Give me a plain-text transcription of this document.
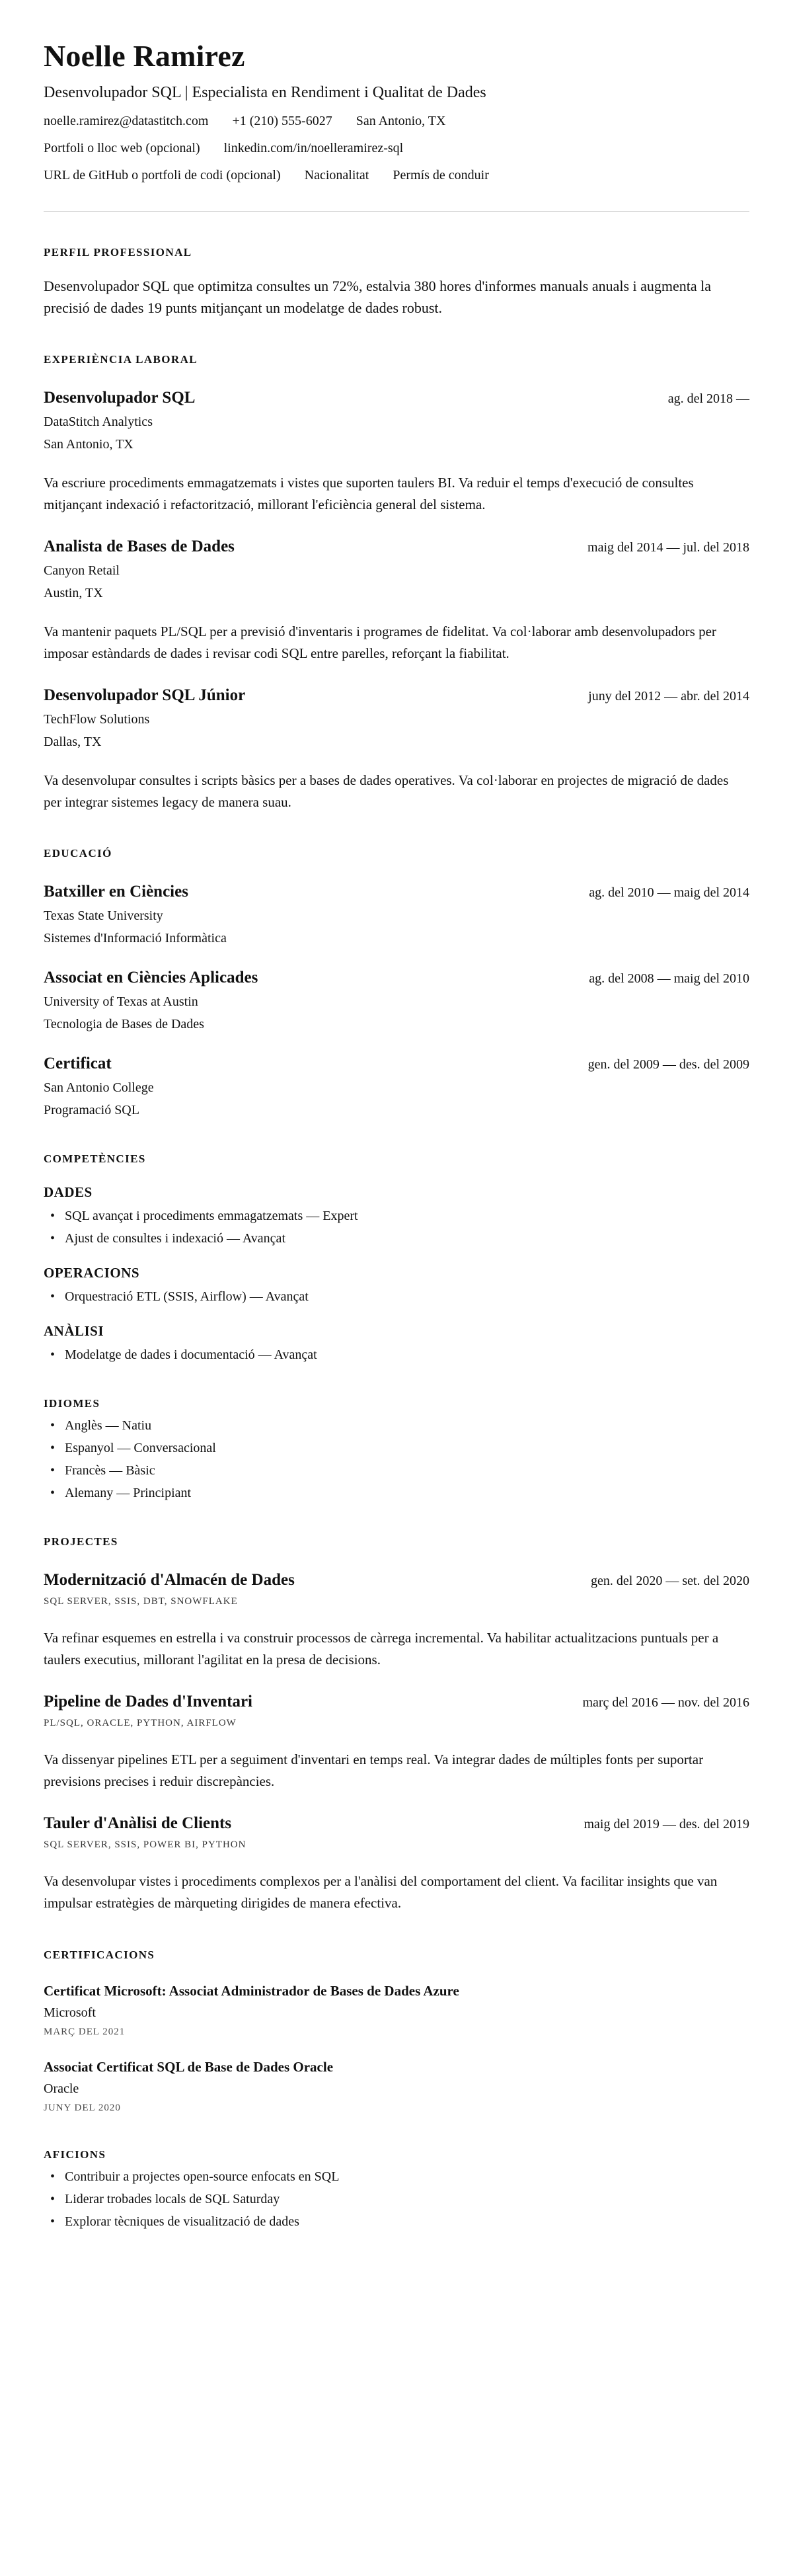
Noelle Ramirez
Desenvolupador SQL | Especialista en Rendiment i Qualitat de Dades
noelle.ramirez@datastitch.com +1 (210) 555-6027 San Antonio, TX
Portfoli o lloc web (opcional) linkedin.com/in/noelleramirez-sql
URL de GitHub o portfoli de codi (opcional) Nacionalitat Permís de conduir
PERFIL PROFESSIONAL

Desenvolupador SQL que optimitza consultes un 72%, estalvia 380 hores d'informes manuals anuals i augmenta la precisió de dades 19 punts mitjançant un modelatge de dades robust.

EXPERIÈNCIA LABORAL
Desenvolupador SQL	ag. del 2018 —
DataStitch Analytics
San Antonio, TX

Va escriure procediments emmagatzemats i vistes que suporten taulers BI. Va reduir el temps d'execució de consultes mitjançant indexació i refactorització, millorant l'eficiència general del sistema.

Analista de Bases de Dades	maig del 2014 — jul. del 2018
Canyon Retail
Austin, TX

Va mantenir paquets PL/SQL per a previsió d'inventaris i programes de fidelitat. Va col·laborar amb desenvolupadors per imposar estàndards de dades i revisar codi SQL entre parelles, reforçant la fiabilitat.

Desenvolupador SQL Júnior	juny del 2012 — abr. del 2014
TechFlow Solutions
Dallas, TX

Va desenvolupar consultes i scripts bàsics per a bases de dades operatives. Va col·laborar en projectes de migració de dades per integrar sistemes legacy de manera suau.

EDUCACIÓ
Batxiller en Ciències	ag. del 2010 — maig del 2014
Texas State University
Sistemes d'Informació Informàtica
Associat en Ciències Aplicades	ag. del 2008 — maig del 2010
University of Texas at Austin
Tecnologia de Bases de Dades
Certificat	gen. del 2009 — des. del 2009
San Antonio College
Programació SQL
COMPETÈNCIES
DADES
• SQL avançat i procediments emmagatzemats — Expert
• Ajust de consultes i indexació — Avançat
OPERACIONS
• Orquestració ETL (SSIS, Airflow) — Avançat
ANÀLISI
• Modelatge de dades i documentació — Avançat
IDIOMES
• Anglès — Natiu
• Espanyol — Conversacional
• Francès — Bàsic
• Alemany — Principiant
PROJECTES
Modernització d'Almacén de Dades	gen. del 2020 — set. del 2020
SQL SERVER, SSIS, DBT, SNOWFLAKE

Va refinar esquemes en estrella i va construir processos de càrrega incremental. Va habilitar actualitzacions puntuals per a taulers executius, millorant l'agilitat en la presa de decisions.

Pipeline de Dades d'Inventari	març del 2016 — nov. del 2016
PL/SQL, ORACLE, PYTHON, AIRFLOW

Va dissenyar pipelines ETL per a seguiment d'inventari en temps real. Va integrar dades de múltiples fonts per suportar previsions precises i reduir discrepàncies.

Tauler d'Anàlisi de Clients	maig del 2019 — des. del 2019
SQL SERVER, SSIS, POWER BI, PYTHON

Va desenvolupar vistes i procediments complexos per a l'anàlisi del comportament del client. Va facilitar insights que van impulsar estratègies de màrqueting dirigides de manera efectiva.

CERTIFICACIONS
Certificat Microsoft: Associat Administrador de Bases de Dades Azure
Microsoft
MARÇ DEL 2021
Associat Certificat SQL de Base de Dades Oracle
Oracle
JUNY DEL 2020
AFICIONS
• Contribuir a projectes open-source enfocats en SQL
• Liderar trobades locals de SQL Saturday
• Explorar tècniques de visualització de dades
